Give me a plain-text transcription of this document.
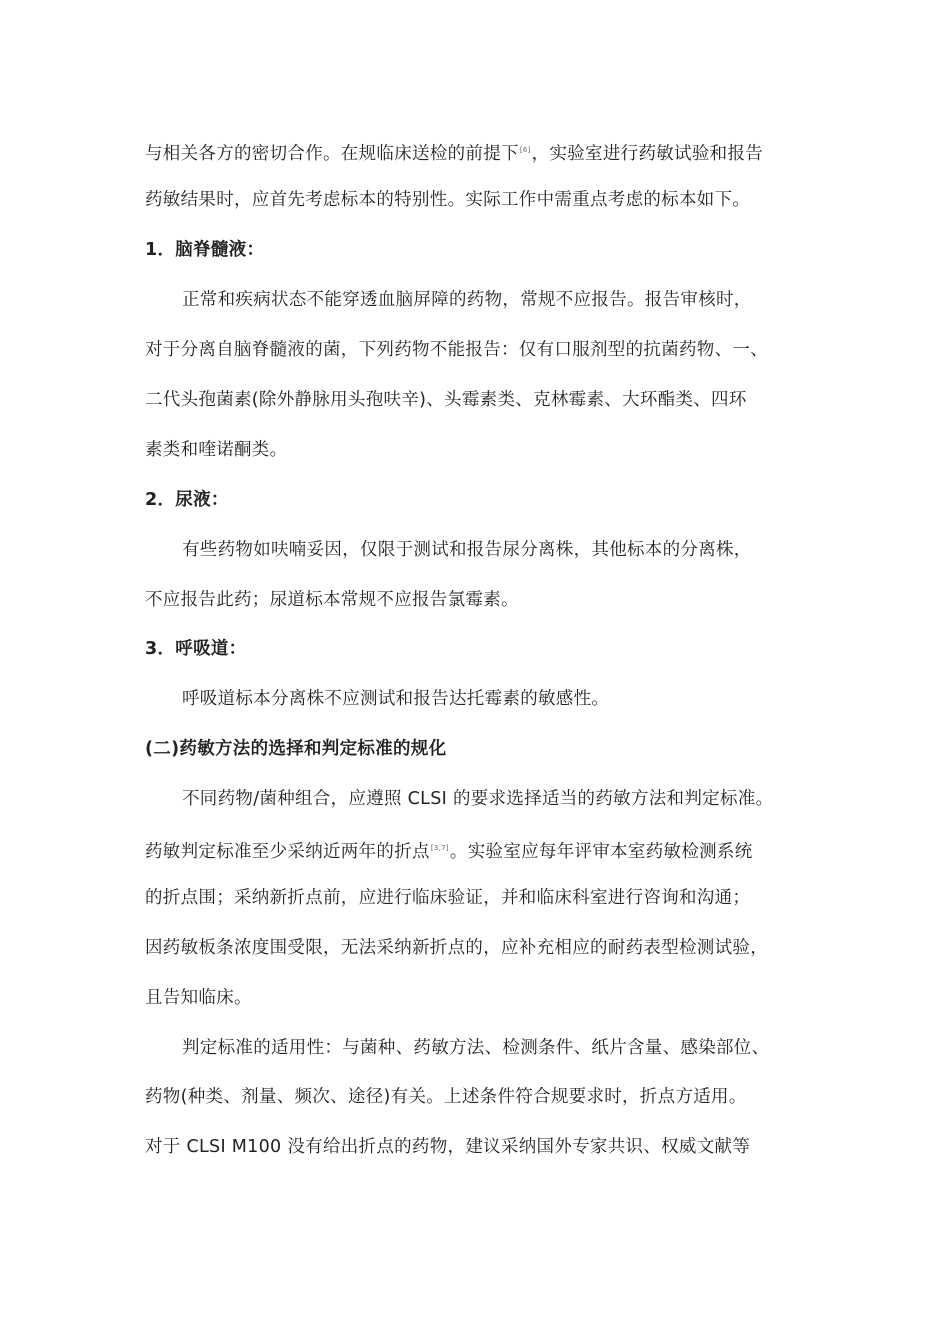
与相关各方的密切合作。在规临床送检的前提下[6]，实验室进行药敏试验和报告
药敏结果时，应首先考虑标本的特别性。实际工作中需重点考虑的标本如下。
1．脑脊髓液：
正常和疾病状态不能穿透血脑屏障的药物，常规不应报告。报告审核时，
对于分离自脑脊髓液的菌，下列药物不能报告：仅有口服剂型的抗菌药物、一、
二代头孢菌素(除外静脉用头孢呋辛)、头霉素类、克林霉素、大环酯类、四环
素类和喹诺酮类。
2．尿液：
有些药物如呋喃妥因，仅限于测试和报告尿分离株，其他标本的分离株，
不应报告此药；尿道标本常规不应报告氯霉素。
3．呼吸道：
呼吸道标本分离株不应测试和报告达托霉素的敏感性。
(二)药敏方法的选择和判定标准的规化
不同药物/菌种组合，应遵照 CLSI 的要求选择适当的药敏方法和判定标准。
药敏判定标准至少采纳近两年的折点[3,7]。实验室应每年评审本室药敏检测系统
的折点围；采纳新折点前，应进行临床验证，并和临床科室进行咨询和沟通；
因药敏板条浓度围受限，无法采纳新折点的，应补充相应的耐药表型检测试验，
且告知临床。
判定标准的适用性：与菌种、药敏方法、检测条件、纸片含量、感染部位、
药物(种类、剂量、频次、途径)有关。上述条件符合规要求时，折点方适用。
对于 CLSI M100 没有给出折点的药物，建议采纳国外专家共识、权威文献等
